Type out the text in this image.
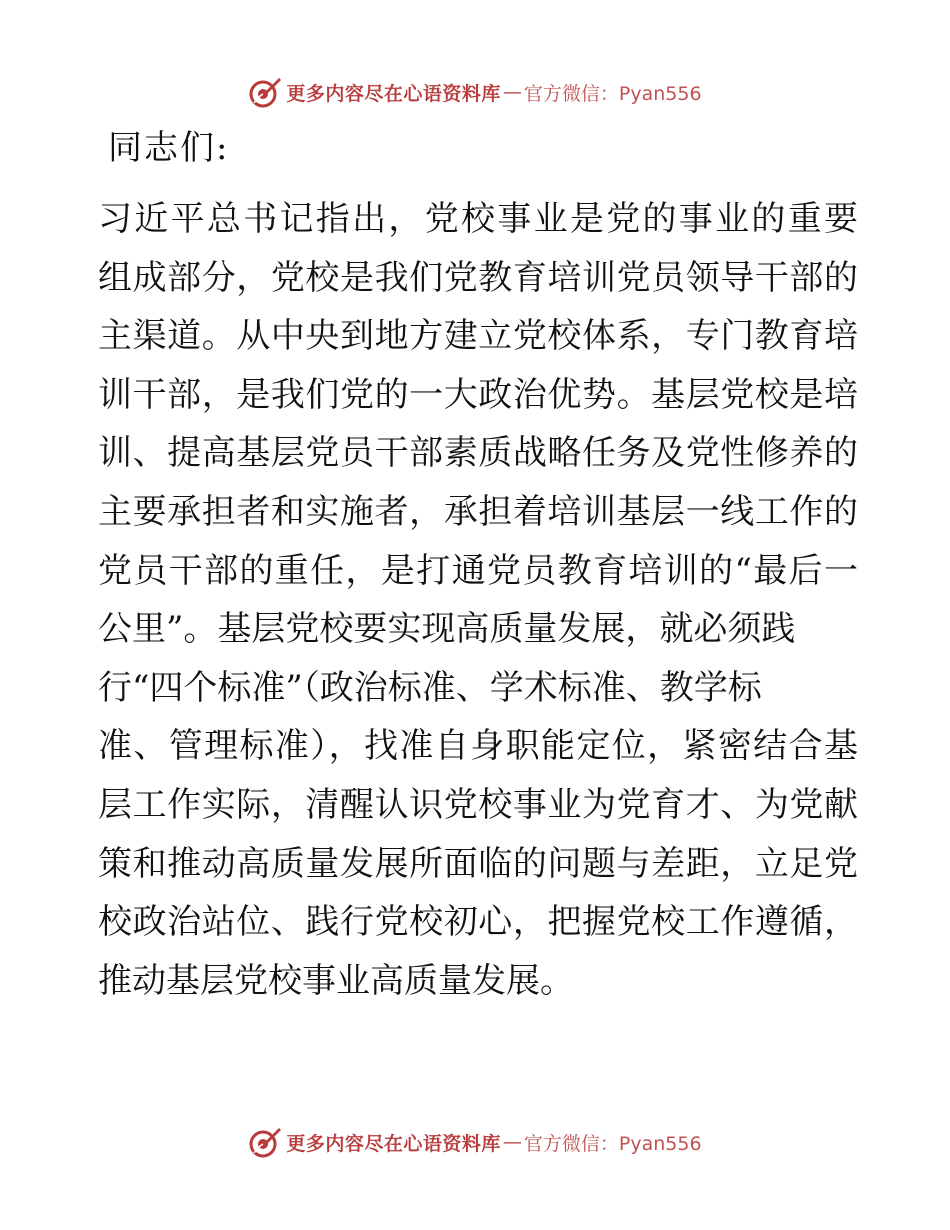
更多内容尽在心语资料库 — 官方微信：Pyan556

同志们:

习近平总书记指出，党校事业是党的事业的重要
组成部分，党校是我们党教育培训党员领导干部的
主渠道。从中央到地方建立党校体系，专门教育培
训干部，是我们党的一大政治优势。基层党校是培
训、提高基层党员干部素质战略任务及党性修养的
主要承担者和实施者，承担着培训基层一线工作的
党员干部的重任，是打通党员教育培训的“最后一
公里”。基层党校要实现高质量发展，就必须践
行“四个标准”（政治标准、学术标准、教学标
准、管理标准），找准自身职能定位，紧密结合基
层工作实际，清醒认识党校事业为党育才、为党献
策和推动高质量发展所面临的问题与差距，立足党
校政治站位、践行党校初心，把握党校工作遵循，
推动基层党校事业高质量发展。
更多内容尽在心语资料库 — 官方微信：Pyan556
